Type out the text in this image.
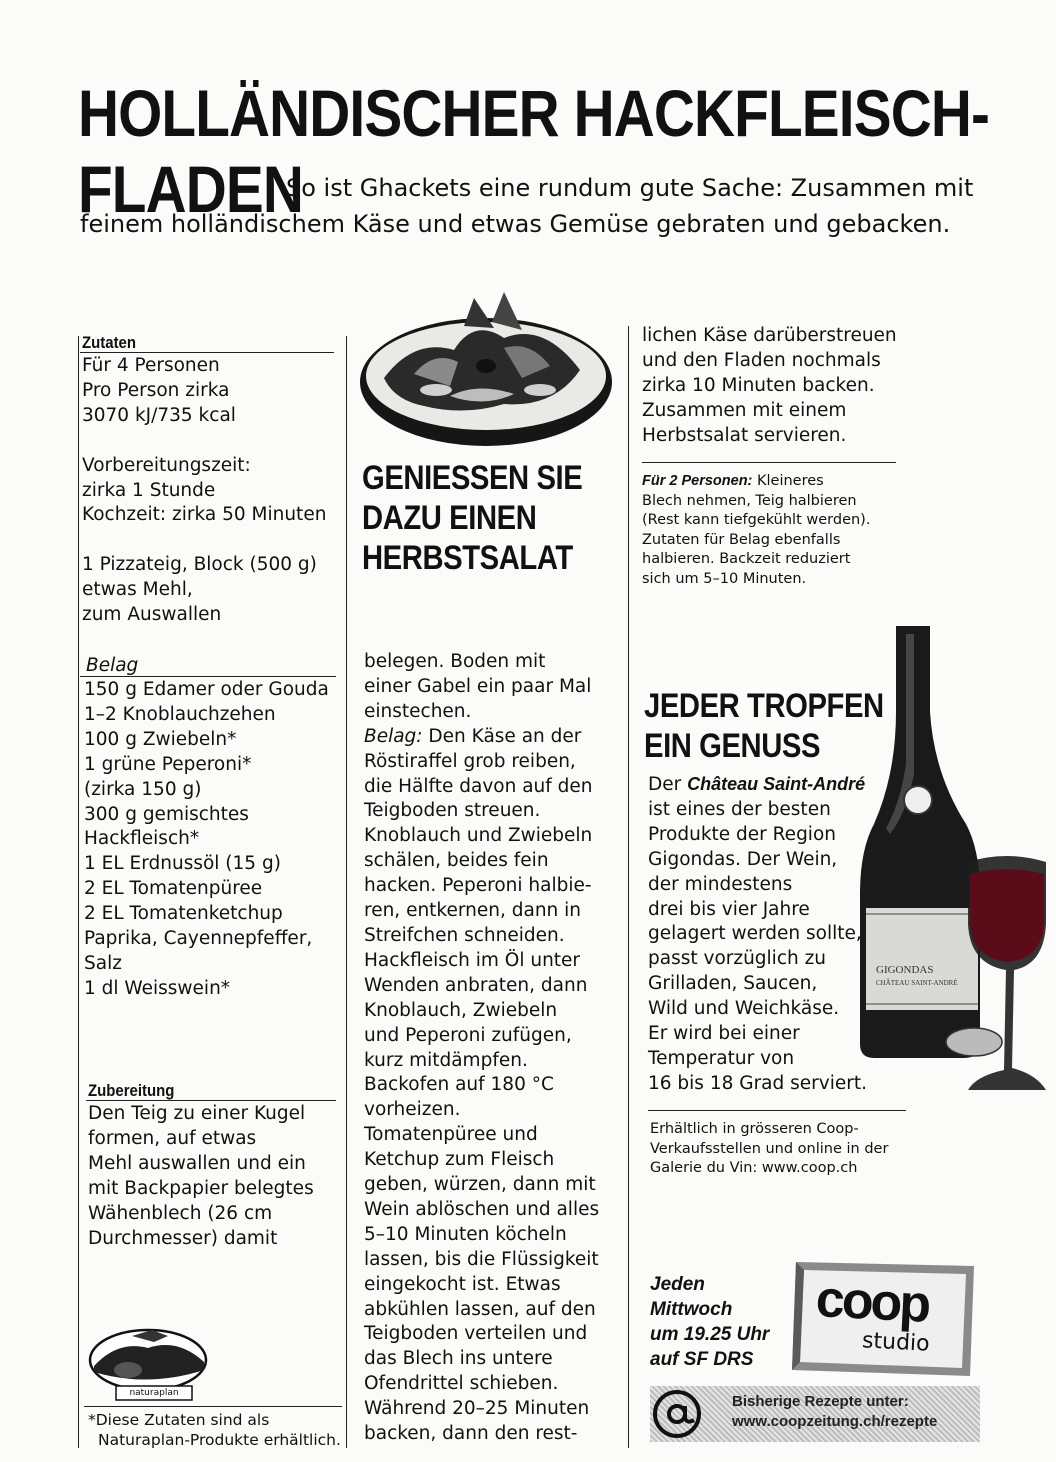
HOLLÄNDISCHER HACKFLEISCH-
FLADEN
So ist Ghackets eine rundum gute Sache: Zusammen mit
feinem holländischem Käse und etwas Gemüse gebraten und gebacken.
Zutaten
Für 4 Personen
Pro Person zirka
3070 kJ/735 kcal

Vorbereitungszeit:
zirka 1 Stunde
Kochzeit: zirka 50 Minuten

1 Pizzateig, Block (500 g)
etwas Mehl,
zum Auswallen
Belag
150 g Edamer oder Gouda
1–2 Knoblauchzehen
100 g Zwiebeln*
1 grüne Peperoni*
(zirka 150 g)
300 g gemischtes
Hackfleisch*
1 EL Erdnussöl (15 g)
2 EL Tomatenpüree
2 EL Tomatenketchup
Paprika, Cayennepfeffer,
Salz
1 dl Weisswein*
Zubereitung
Den Teig zu einer Kugel
formen, auf etwas
Mehl auswallen und ein
mit Backpapier belegtes
Wähenblech (26 cm
Durchmesser) damit
naturaplan
*Diese Zutaten sind als
Naturaplan-Produkte erhältlich.
GENIESSEN SIE
DAZU EINEN
HERBSTSALAT
belegen. Boden mit
einer Gabel ein paar Mal
einstechen.
Belag: Den Käse an der
Röstiraffel grob reiben,
die Hälfte davon auf den
Teigboden streuen.
Knoblauch und Zwiebeln
schälen, beides fein
hacken. Peperoni halbie-
ren, entkernen, dann in
Streifchen schneiden.
Hackfleisch im Öl unter
Wenden anbraten, dann
Knoblauch, Zwiebeln
und Peperoni zufügen,
kurz mitdämpfen.
Backofen auf 180 °C
vorheizen.
Tomatenpüree und
Ketchup zum Fleisch
geben, würzen, dann mit
Wein ablöschen und alles
5–10 Minuten köcheln
lassen, bis die Flüssigkeit
eingekocht ist. Etwas
abkühlen lassen, auf den
Teigboden verteilen und
das Blech ins untere
Ofendrittel schieben.
Während 20–25 Minuten
backen, dann den rest-
lichen Käse darüberstreuen
und den Fladen nochmals
zirka 10 Minuten backen.
Zusammen mit einem
Herbstsalat servieren.
Für 2 Personen: Kleineres
Blech nehmen, Teig halbieren
(Rest kann tiefgekühlt werden).
Zutaten für Belag ebenfalls
halbieren. Backzeit reduziert
sich um 5–10 Minuten.
GIGONDAS
CHÂTEAU SAINT-ANDRÉ
JEDER TROPFEN
EIN GENUSS
Der Château Saint-André
ist eines der besten
Produkte der Region
Gigondas. Der Wein,
der mindestens
drei bis vier Jahre
gelagert werden sollte,
passt vorzüglich zu
Grilladen, Saucen,
Wild und Weichkäse.
Er wird bei einer
Temperatur von
16 bis 18 Grad serviert.
Erhältlich in grösseren Coop-
Verkaufsstellen und online in der
Galerie du Vin: www.coop.ch
Jeden
Mittwoch
um 19.25 Uhr
auf SF DRS
coop
studio
Bisherige Rezepte unter:
www.coopzeitung.ch/rezepte
